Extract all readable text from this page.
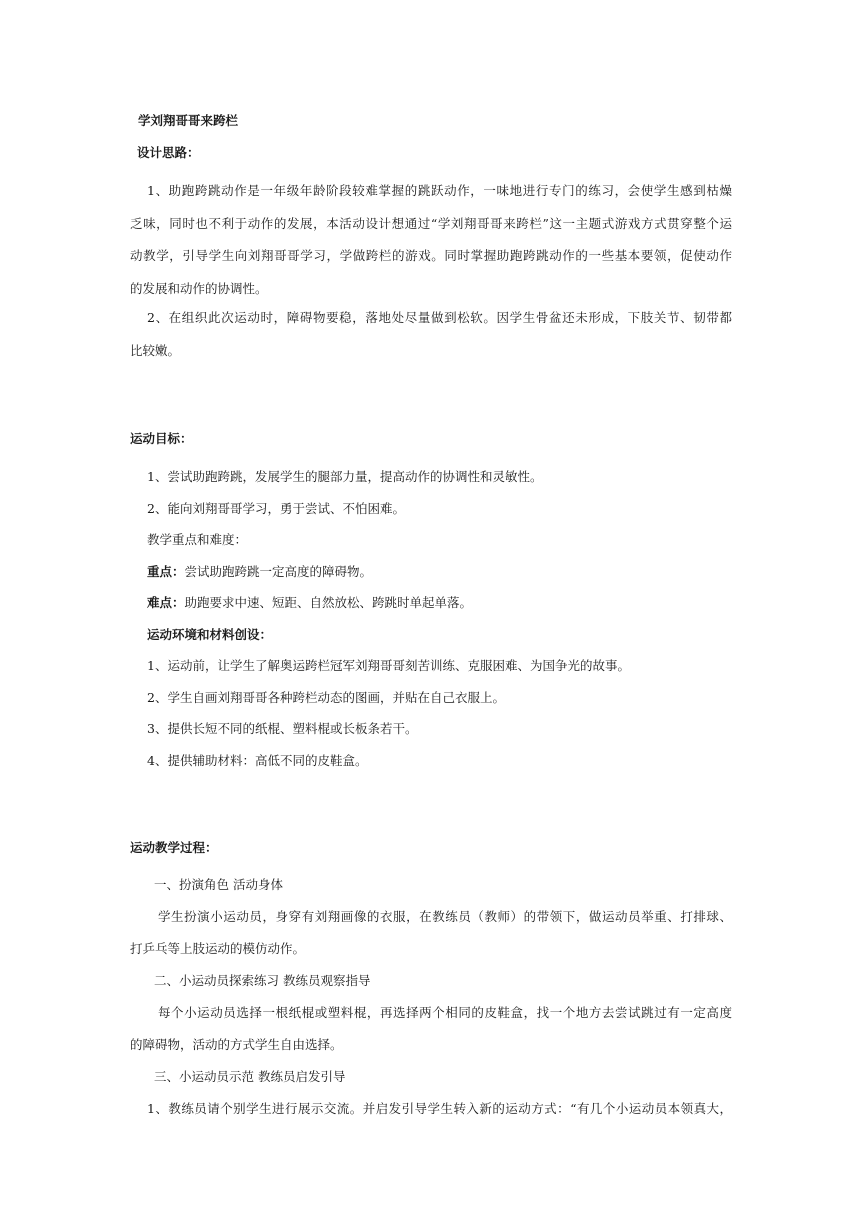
学刘翔哥哥来跨栏

设计思路：

1、助跑跨跳动作是一年级年龄阶段较难掌握的跳跃动作，一味地进行专门的练习，会使学生感到枯燥

乏味，同时也不利于动作的发展，本活动设计想通过“学刘翔哥哥来跨栏”这一主题式游戏方式贯穿整个运

动教学，引导学生向刘翔哥哥学习，学做跨栏的游戏。同时掌握助跑跨跳动作的一些基本要领，促使动作

的发展和动作的协调性。

2、在组织此次运动时，障碍物要稳，落地处尽量做到松软。因学生骨盆还未形成，下肢关节、韧带都

比较嫩。

运动目标：

1、尝试助跑跨跳，发展学生的腿部力量，提高动作的协调性和灵敏性。

2、能向刘翔哥哥学习，勇于尝试、不怕困难。

教学重点和难度：

重点：尝试助跑跨跳一定高度的障碍物。

难点：助跑要求中速、短距、自然放松、跨跳时单起单落。

运动环境和材料创设：

1、运动前，让学生了解奥运跨栏冠军刘翔哥哥刻苦训练、克服困难、为国争光的故事。

2、学生自画刘翔哥哥各种跨栏动态的图画，并贴在自己衣服上。

3、提供长短不同的纸棍、塑料棍或长板条若干。

4、提供辅助材料：高低不同的皮鞋盒。

运动教学过程：

一、扮演角色 活动身体

学生扮演小运动员，身穿有刘翔画像的衣服，在教练员（教师）的带领下，做运动员举重、打排球、

打乒乓等上肢运动的模仿动作。

二、小运动员探索练习 教练员观察指导

每个小运动员选择一根纸棍或塑料棍，再选择两个相同的皮鞋盒，找一个地方去尝试跳过有一定高度

的障碍物，活动的方式学生自由选择。

三、小运动员示范 教练员启发引导

1、教练员请个别学生进行展示交流。并启发引导学生转入新的运动方式：“有几个小运动员本领真大，
